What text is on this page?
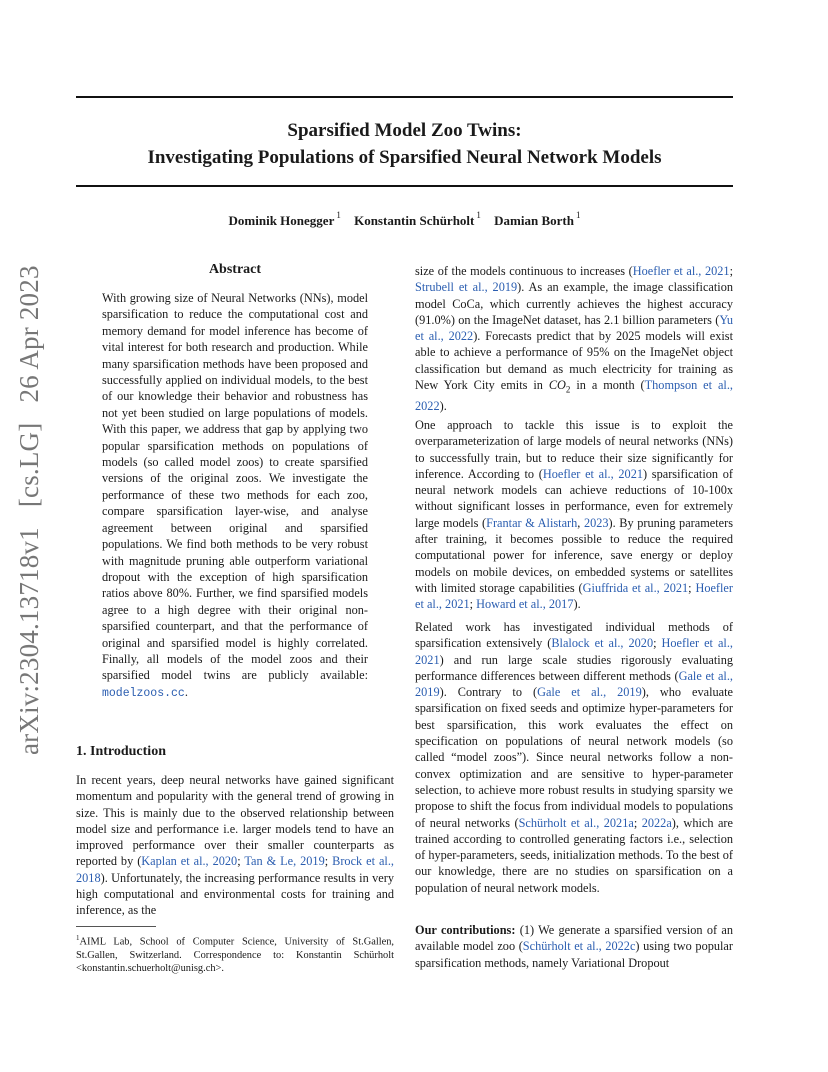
Sparsified Model Zoo Twins:
Investigating Populations of Sparsified Neural Network Models
Dominik Honegger $^1$ Konstantin Schürholt $^1$ Damian Borth $^1$
arXiv:2304.13718v1[cs.LG]26 Apr 2023	Abstract
With growing size of Neural Networks (NNs), model sparsification to reduce the computational cost and memory demand for model inference has become of vital interest for both research and production. While many sparsification methods have been proposed and successfully applied on individual models, to the best of our knowledge their behavior and robustness has not yet been studied on large populations of models. With this paper, we address that gap by applying two popular sparsification methods on populations of models (so called model zoos) to create sparsified versions of the original zoos. We investigate the performance of these two methods for each zoo, compare sparsification layer-wise, and analyse agreement between original and sparsified populations. We find both methods to be very robust with magnitude pruning able outperform variational dropout with the exception of high sparsification ratios above 80%. Further, we find sparsified models agree to a high degree with their original non-sparsified counterpart, and that the performance of original and sparsified model is highly correlated. Finally, all models of the model zoos and their sparsified model twins are publicly available: modelzoos.cc.
1. Introduction

In recent years, deep neural networks have gained significant momentum and popularity with the general trend of growing in size. This is mainly due to the observed relationship between model size and performance i.e. larger models tend to have an improved performance over their smaller counterparts as reported by (Kaplan et al., 2020; Tan & Le, 2019; Brock et al., 2018). Unfortunately, the increasing performance results in very high computational and environmental costs for training and inference, as the

$^1$AIML Lab, School of Computer Science, University of St.Gallen, St.Gallen, Switzerland. Correspondence to: Konstantin Schürholt <konstantin.schuerholt@unisg.ch>.
size of the models continuous to increases (Hoefler et al., 2021; Strubell et al., 2019). As an example, the image classification model CoCa, which currently achieves the highest accuracy (91.0%) on the ImageNet dataset, has 2.1 billion parameters (Yu et al., 2022). Forecasts predict that by 2025 models will exist able to achieve a performance of 95% on the ImageNet object classification but demand as much electricity for training as New York City emits in $CO_2$ in a month (Thompson et al., 2022).
One approach to tackle this issue is to exploit the overparameterization of large models of neural networks (NNs) to successfully train, but to reduce their size significantly for inference. According to (Hoefler et al., 2021) sparsification of neural network models can achieve reductions of 10-100x without significant losses in performance, even for extremely large models (Frantar & Alistarh, 2023). By pruning parameters after training, it becomes possible to reduce the required computational power for inference, save energy or deploy models on mobile devices, on embedded systems or satellites with limited storage capabilities (Giuffrida et al., 2021; Hoefler et al., 2021; Howard et al., 2017).
Related work has investigated individual methods of sparsification extensively (Blalock et al., 2020; Hoefler et al., 2021) and run large scale studies rigorously evaluating performance differences between different methods (Gale et al., 2019). Contrary to (Gale et al., 2019), who evaluate sparsification on fixed seeds and optimize hyper-parameters for best sparsification, this work evaluates the effect on specification on populations of neural network models (so called “model zoos”). Since neural networks follow a non-convex optimization and are sensitive to hyper-parameter selection, to achieve more robust results in studying sparsity we propose to shift the focus from individual models to populations of neural networks (Schürholt et al., 2021a; 2022a), which are trained according to controlled generating factors i.e., selection of hyper-parameters, seeds, initialization methods. To the best of our knowledge, there are no studies on sparsification on a population of neural network models.
Our contributions: (1) We generate a sparsified version of an available model zoo (Schürholt et al., 2022c) using two popular sparsification methods, namely Variational Dropout
